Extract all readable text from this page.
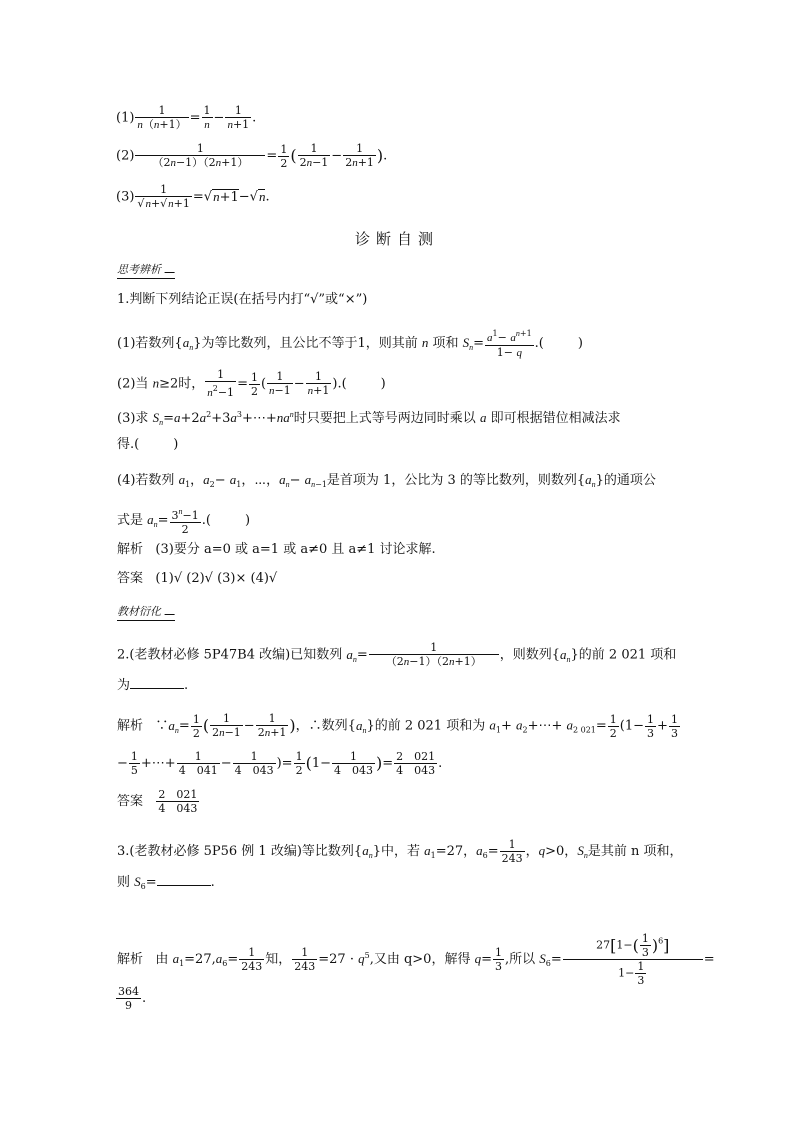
$(1) \frac{1}{n(n+1)} = \frac{1}{n} - \frac{1}{n+1}$ .
$(2) \frac{1}{(2n-1)(2n+1)} = \frac{1}{2}$ ( $\frac{1}{2n-1} - \frac{1}{2n+1}$ ).
$(3) \frac{1}{√n+√n+1} =√n+1-√n$.
诊断自测
思考辨析
1.判断下列结论正误(在括号内打“√”或“×”)
(1)若数列$\{a_n\}$为等比数列，且公比不等于1，则其前 n 项和 $S_n= \frac{a^1- a^{n+1}}{1- q}$ .(	)
(2)当 n≥2时， $\frac{1}{n^2-1} = \frac{1}{2}$ ( $\frac{1}{n-1} - \frac{1}{n+1}$ ).(	)
(3)求 $S_n=a+2a^2+3a^3+\cdots+na^n$时只要把上式等号两边同时乘以 a 即可根据错位相减法求
得.(	)
(4)若数列 $a_1$，$a_2- a_1$，⋯，$a_n- a_{n-1}$是首项为 1，公比为 3 的等比数列，则数列$\{a_n\}$的通项公
式是 $a_n= \frac{3^n-1}{2}$ .(	)
解析 (3)要分 a=0 或 a=1 或 a≠0 且 a≠1 讨论求解.
答案 (1)√ (2)√ (3)× (4)√
教材衍化
2.(老教材必修 5P47B4 改编)已知数列 $a_n= \frac{1}{(2n-1)(2n+1)}$ ，则数列$\{a_n\}$的前 2 021 项和
为	.
解析   $\because a_n= \frac{1}{2}$ ( $\frac{1}{2n-1} - \frac{1}{2n+1}$ )，∴数列$\{a_n\}$的前 2 021 项和为 $a_1+$ $a_2+\cdots+ a_{2 021}= \frac{1}{2} (1- \frac{1}{3} + \frac{1}{3}$
− $\frac{1}{5}$ +⋯+ $\frac{1}{4 041} - \frac{1}{4 043}$ )= $\frac{1}{2} (1- \frac{1}{4 043}$ )= $\frac{2 021}{4 043}$ .
答案 $\frac{2 021}{4 043}$
3.(老教材必修 5P56 例 1 改编)等比数列$\{a_n\}$中，若 $a_1=27$，$a_6= \frac{1}{243}$ ，q>0，$S_n$是其前 n 项和，
则 $S_6=$	.
解析 由 $a_1=27,a_6= \frac{1}{243}$ 知， $\frac{1}{243} =27 \cdot q^5$,又由 q>0，解得 $q= \frac{1}{3}$ ,所以 $S_6= \frac{27[1-( \frac{1}{3} )^6]}{1- \frac{1}{3}}$ =
$\frac{364}{9}$ .
